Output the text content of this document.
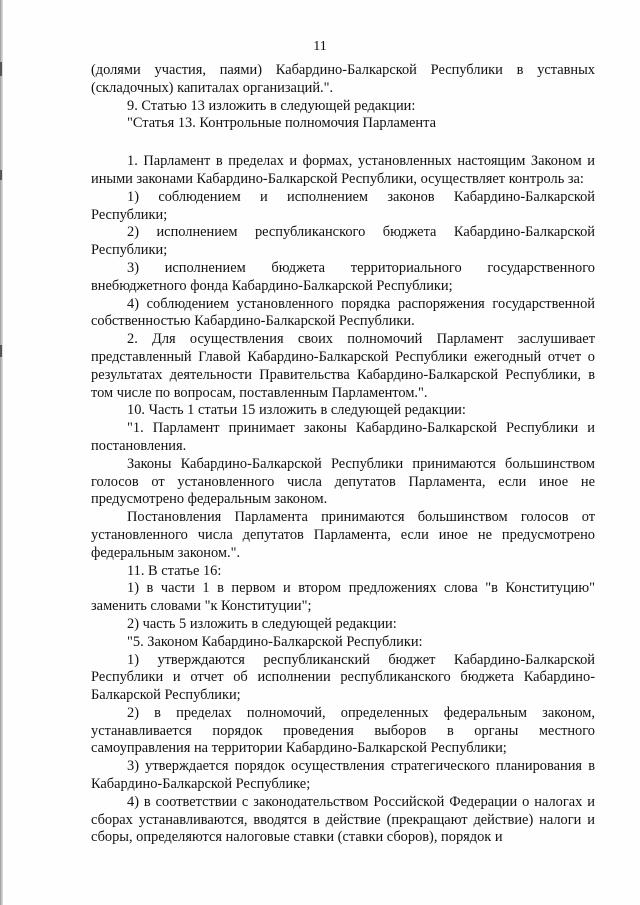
11

(долями участия, паями) Кабардино-Балкарской Республики в уставных (складочных) капиталах организаций.".

9. Статью 13 изложить в следующей редакции:

"Статья 13. Контрольные полномочия Парламента

1. Парламент в пределах и формах, установленных настоящим Законом и иными законами Кабардино-Балкарской Республики, осуществляет контроль за:

1) соблюдением и исполнением законов Кабардино-Балкарской Республики;

2) исполнением республиканского бюджета Кабардино-Балкарской Республики;

3) исполнением бюджета территориального государственного внебюджетного фонда Кабардино-Балкарской Республики;

4) соблюдением установленного порядка распоряжения государственной собственностью Кабардино-Балкарской Республики.

2. Для осуществления своих полномочий Парламент заслушивает представленный Главой Кабардино-Балкарской Республики ежегодный отчет о результатах деятельности Правительства Кабардино-Балкарской Республики, в том числе по вопросам, поставленным Парламентом.".

10. Часть 1 статьи 15 изложить в следующей редакции:

"1. Парламент принимает законы Кабардино-Балкарской Республики и постановления.

Законы Кабардино-Балкарской Республики принимаются большинством голосов от установленного числа депутатов Парламента, если иное не предусмотрено федеральным законом.

Постановления Парламента принимаются большинством голосов от установленного числа депутатов Парламента, если иное не предусмотрено федеральным законом.".

11. В статье 16:

1) в части 1 в первом и втором предложениях слова "в Конституцию" заменить словами "к Конституции";

2) часть 5 изложить в следующей редакции:

"5. Законом Кабардино-Балкарской Республики:

1) утверждаются республиканский бюджет Кабардино-Балкарской Республики и отчет об исполнении республиканского бюджета Кабардино-Балкарской Республики;

2) в пределах полномочий, определенных федеральным законом, устанавливается порядок проведения выборов в органы местного самоуправления на территории Кабардино-Балкарской Республики;

3) утверждается порядок осуществления стратегического планирования в Кабардино-Балкарской Республике;

4) в соответствии с законодательством Российской Федерации о налогах и сборах устанавливаются, вводятся в действие (прекращают действие) налоги и сборы, определяются налоговые ставки (ставки сборов), порядок и
